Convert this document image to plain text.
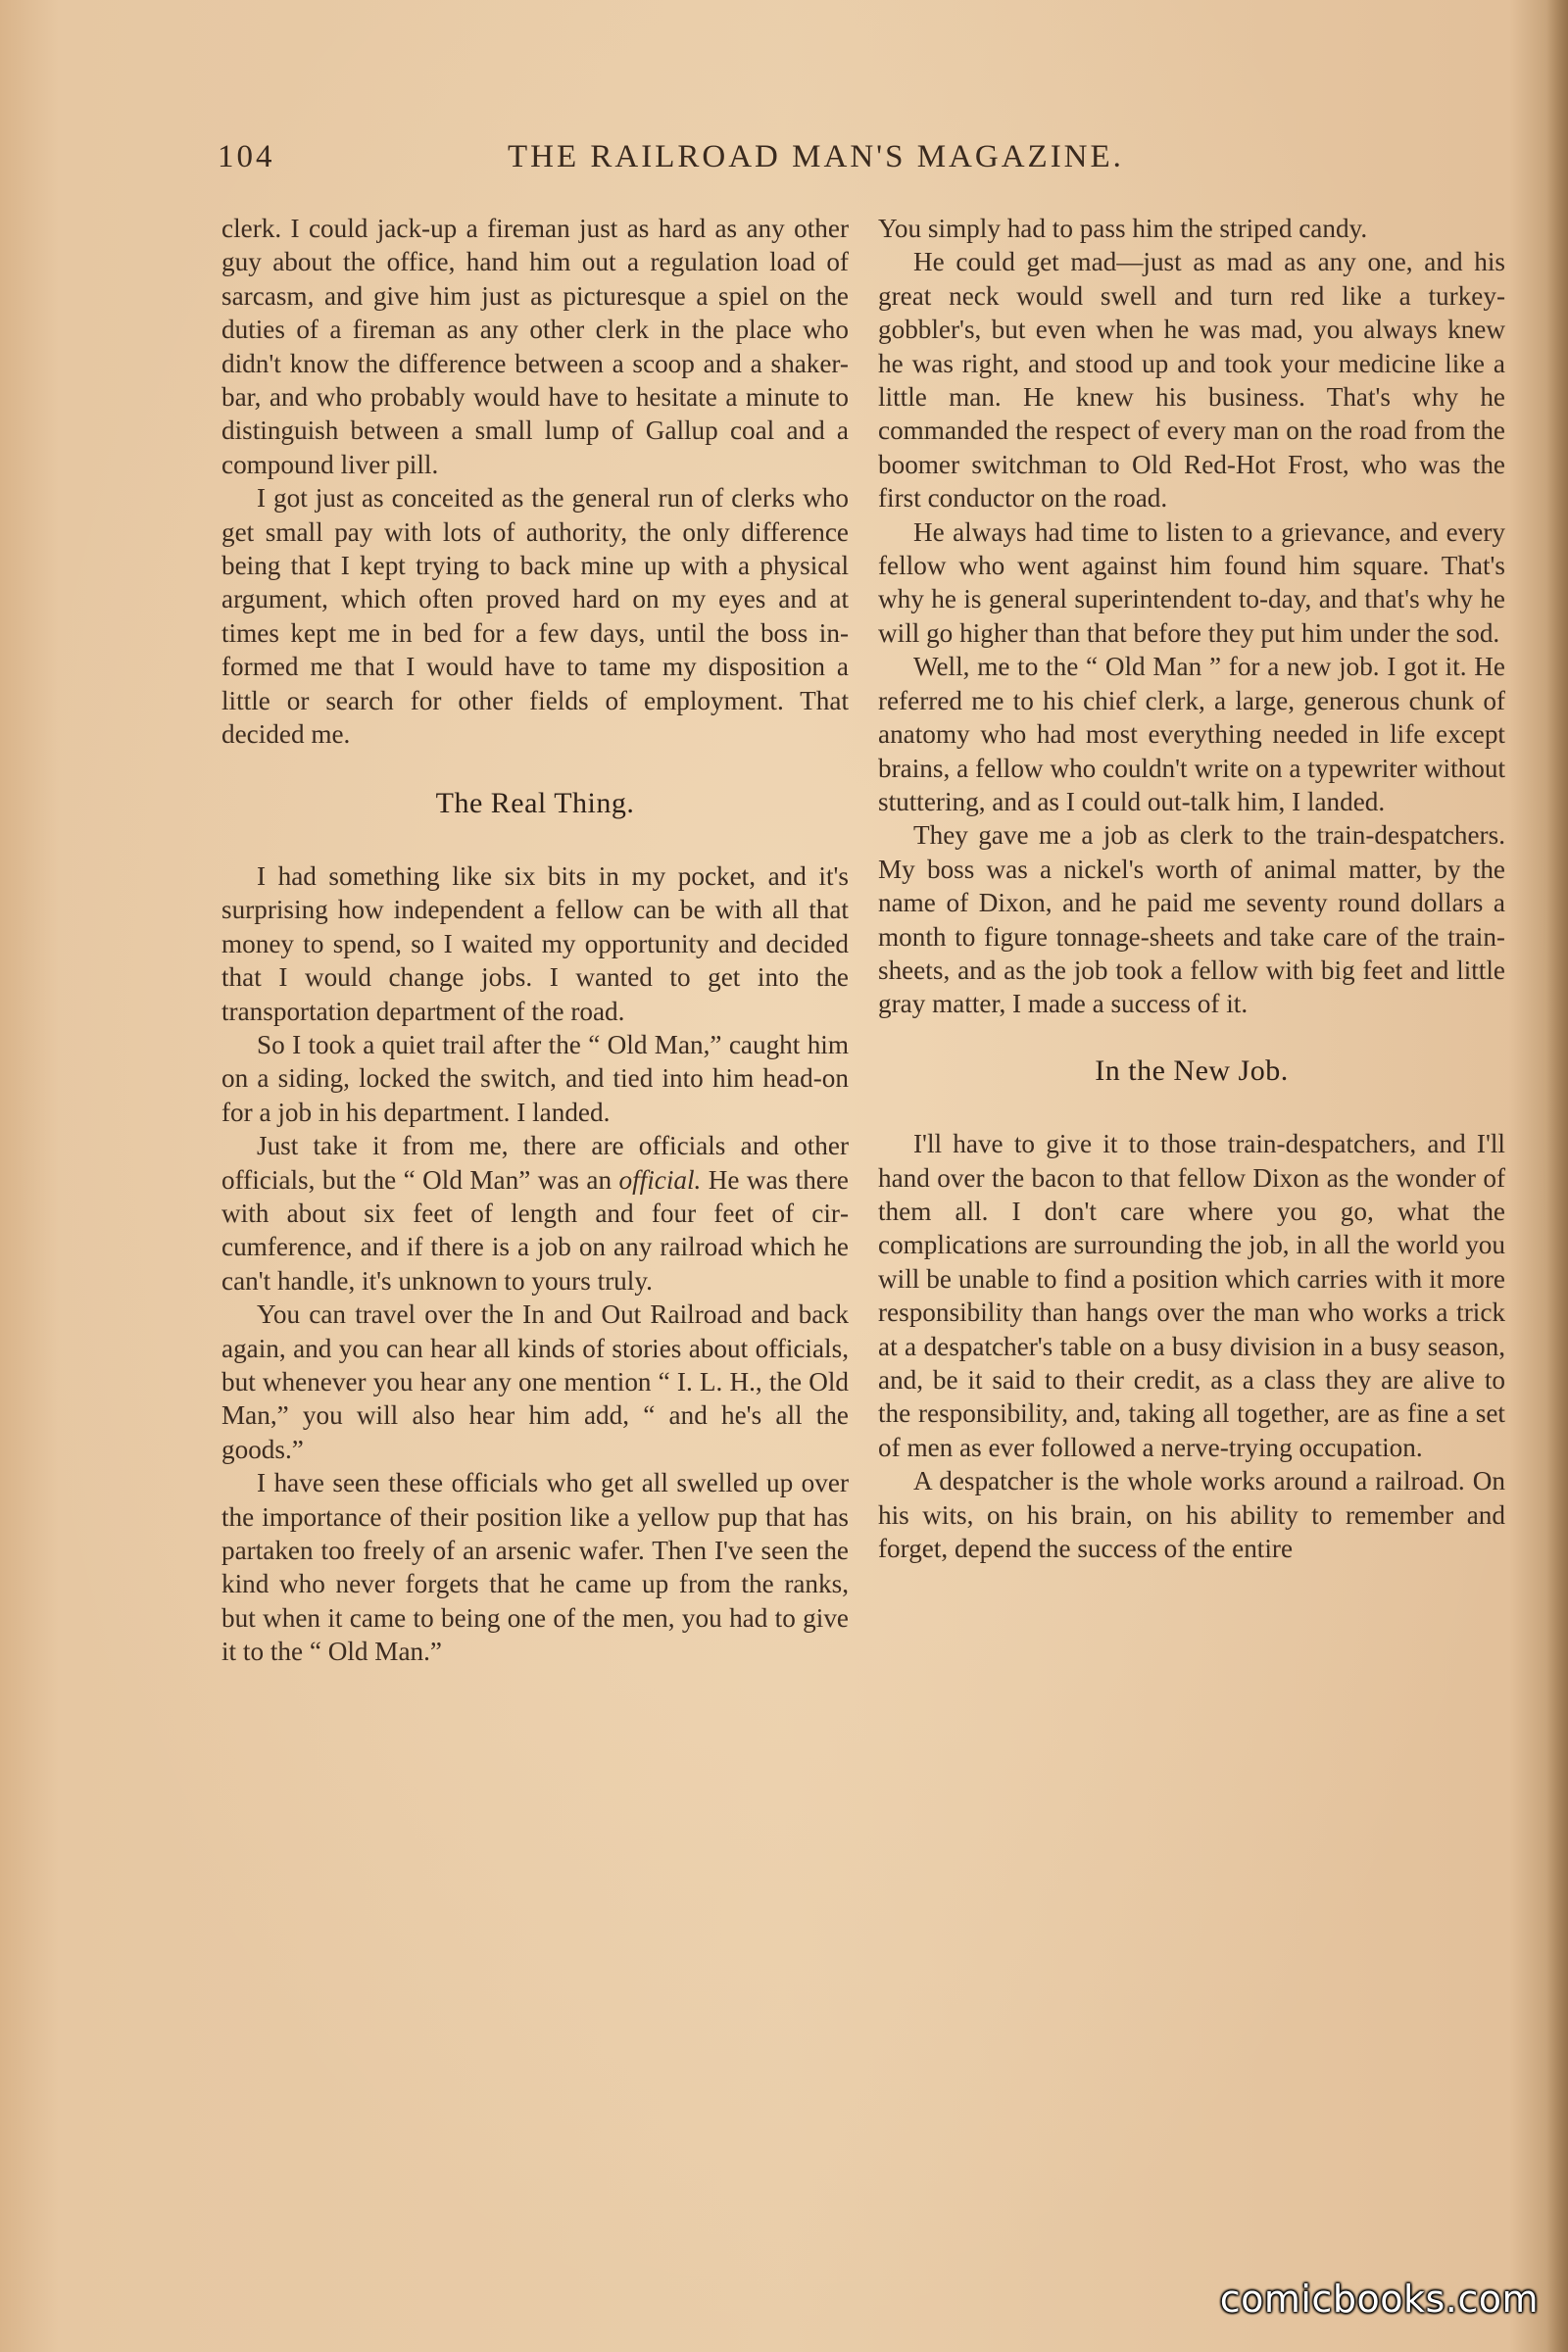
104	THE RAILROAD MAN'S MAGAZINE.

clerk. I could jack-up a fireman just as hard as any other guy about the office, hand him out a regulation load of sarcasm, and give him just as picturesque a spiel on the duties of a fireman as any other clerk in the place who didn't know the difference between a scoop and a shaker-bar, and who probably would have to hesitate a minute to distinguish between a small lump of Gallup coal and a compound liver pill.

I got just as conceited as the general run of clerks who get small pay with lots of authority, the only difference being that I kept trying to back mine up with a physical argument, which often proved hard on my eyes and at times kept me in bed for a few days, until the boss informed me that I would have to tame my disposition a little or search for other fields of employment. That decided me.

The Real Thing.

I had something like six bits in my pocket, and it's surprising how independent a fellow can be with all that money to spend, so I waited my opportunity and decided that I would change jobs. I wanted to get into the transportation department of the road.

So I took a quiet trail after the “ Old Man,” caught him on a siding, locked the switch, and tied into him head-on for a job in his department. I landed.

Just take it from me, there are officials and other officials, but the “ Old Man” was an official. He was there with about six feet of length and four feet of circumference, and if there is a job on any railroad which he can't handle, it's unknown to yours truly.

You can travel over the In and Out Railroad and back again, and you can hear all kinds of stories about officials, but whenever you hear any one mention “ I. L. H., the Old Man,” you will also hear him add, “ and he's all the goods.”

I have seen these officials who get all swelled up over the importance of their position like a yellow pup that has partaken too freely of an arsenic wafer. Then I've seen the kind who never forgets that he came up from the ranks, but when it came to being one of the men, you had to give it to the “ Old Man.”

You simply had to pass him the striped candy.

He could get mad—just as mad as any one, and his great neck would swell and turn red like a turkey-gobbler's, but even when he was mad, you always knew he was right, and stood up and took your medicine like a little man. He knew his business. That's why he commanded the respect of every man on the road from the boomer switchman to Old Red-Hot Frost, who was the first conductor on the road.

He always had time to listen to a grievance, and every fellow who went against him found him square. That's why he is general superintendent to-day, and that's why he will go higher than that before they put him under the sod.

Well, me to the “ Old Man ” for a new job. I got it. He referred me to his chief clerk, a large, generous chunk of anatomy who had most everything needed in life except brains, a fellow who couldn't write on a typewriter without stuttering, and as I could out-talk him, I landed.

They gave me a job as clerk to the train-despatchers. My boss was a nickel's worth of animal matter, by the name of Dixon, and he paid me seventy round dollars a month to figure tonnage-sheets and take care of the train-sheets, and as the job took a fellow with big feet and little gray matter, I made a success of it.

In the New Job.

I'll have to give it to those train-despatchers, and I'll hand over the bacon to that fellow Dixon as the wonder of them all. I don't care where you go, what the complications are surrounding the job, in all the world you will be unable to find a position which carries with it more responsibility than hangs over the man who works a trick at a despatcher's table on a busy division in a busy season, and, be it said to their credit, as a class they are alive to the responsibility, and, taking all together, are as fine a set of men as ever followed a nerve-trying occupation.

A despatcher is the whole works around a railroad. On his wits, on his brain, on his ability to remember and forget, depend the success of the entire

comicbooks.com
